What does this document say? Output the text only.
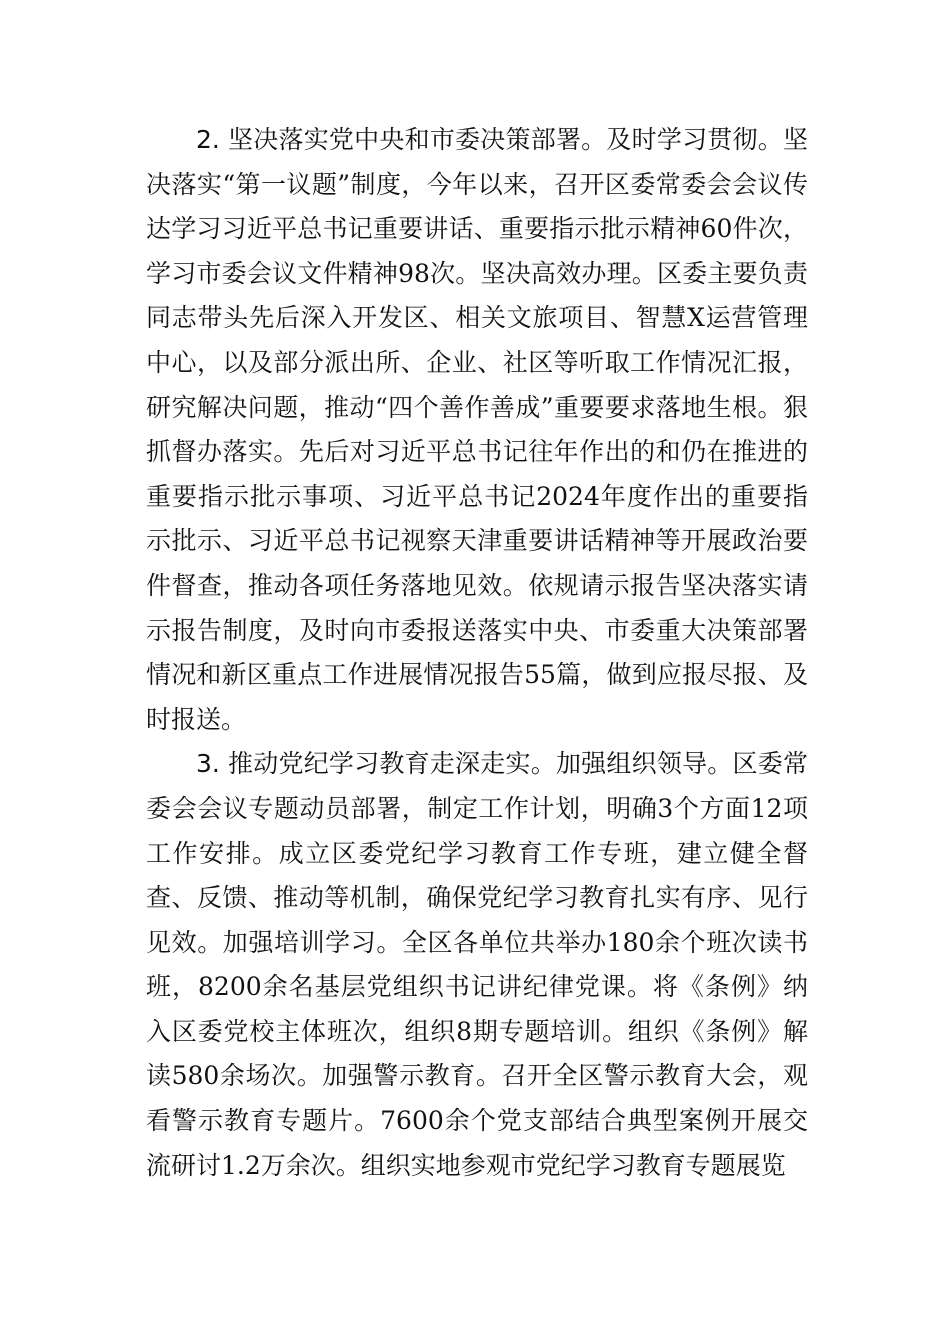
2. 坚决落实党中央和市委决策部署。及时学习贯彻。坚决落实“第一议题”制度，今年以来，召开区委常委会会议传达学习习近平总书记重要讲话、重要指示批示精神60件次，学习市委会议文件精神98次。坚决高效办理。区委主要负责同志带头先后深入开发区、相关文旅项目、智慧X运营管理中心，以及部分派出所、企业、社区等听取工作情况汇报，研究解决问题，推动“四个善作善成”重要要求落地生根。狠抓督办落实。先后对习近平总书记往年作出的和仍在推进的重要指示批示事项、习近平总书记2024年度作出的重要指示批示、习近平总书记视察天津重要讲话精神等开展政治要件督查，推动各项任务落地见效。依规请示报告坚决落实请示报告制度，及时向市委报送落实中央、市委重大决策部署情况和新区重点工作进展情况报告55篇，做到应报尽报、及时报送。

3. 推动党纪学习教育走深走实。加强组织领导。区委常委会会议专题动员部署，制定工作计划，明确3个方面12项工作安排。成立区委党纪学习教育工作专班，建立健全督查、反馈、推动等机制，确保党纪学习教育扎实有序、见行见效。加强培训学习。全区各单位共举办180余个班次读书班，8200余名基层党组织书记讲纪律党课。将《条例》纳入区委党校主体班次，组织8期专题培训。组织《条例》解读580余场次。加强警示教育。召开全区警示教育大会，观看警示教育专题片。7600余个党支部结合典型案例开展交流研讨1.2万余次。组织实地参观市党纪学习教育专题展览
